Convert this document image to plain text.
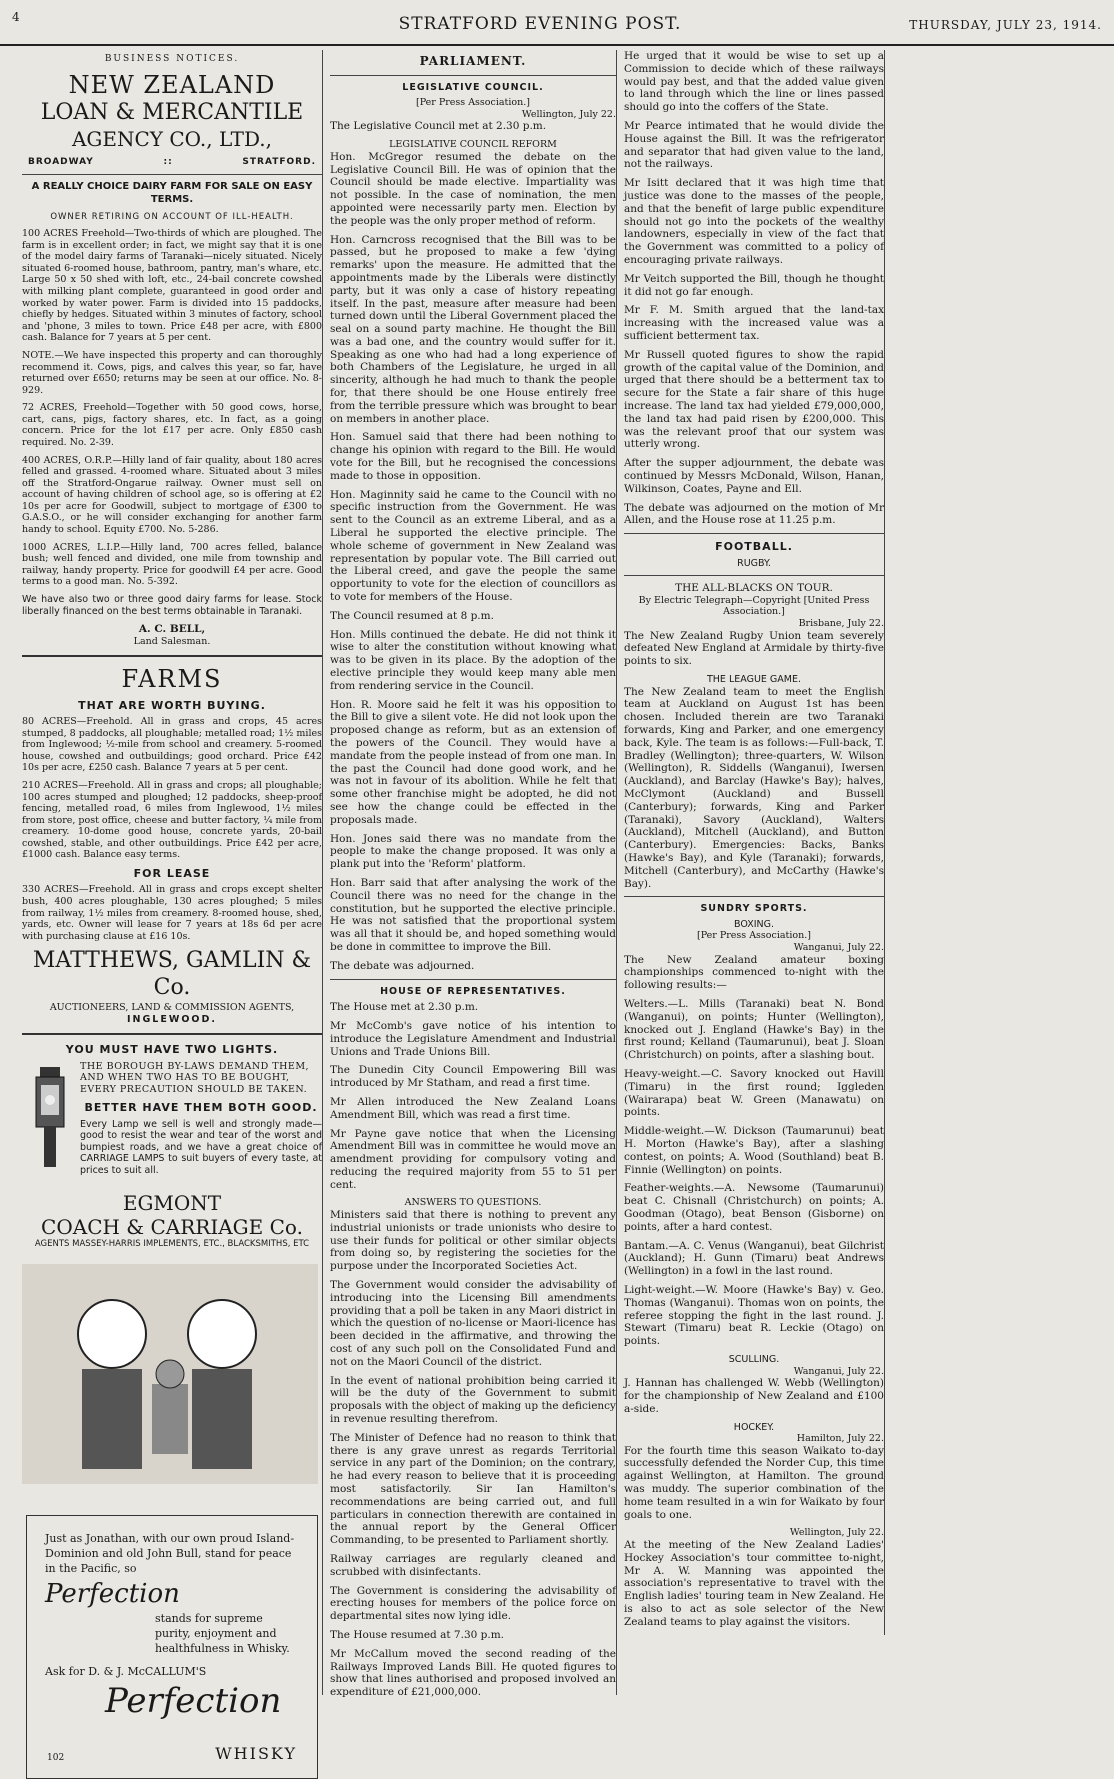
4	STRATFORD EVENING POST.	THURSDAY, JULY 23, 1914.
BUSINESS NOTICES.
NEW ZEALAND
LOAN & MERCANTILE
AGENCY CO., LTD.,
BROADWAY	::	STRATFORD.
A REALLY CHOICE DAIRY FARM FOR SALE ON EASY TERMS.
OWNER RETIRING ON ACCOUNT OF ILL-HEALTH.

100 ACRES Freehold—Two-thirds of which are ploughed. The farm is in excellent order; in fact, we might say that it is one of the model dairy farms of Taranaki—nicely situated. Nicely situated 6-roomed house, bathroom, pantry, man's whare, etc. Large 50 x 50 shed with loft, etc., 24-bail concrete cowshed with milking plant complete, guaranteed in good order and worked by water power. Farm is divided into 15 paddocks, chiefly by hedges. Situated within 3 minutes of factory, school and 'phone, 3 miles to town. Price £48 per acre, with £800 cash. Balance for 7 years at 5 per cent.

NOTE.—We have inspected this property and can thoroughly recommend it. Cows, pigs, and calves this year, so far, have returned over £650; returns may be seen at our office. No. 8-929.

72 ACRES, Freehold—Together with 50 good cows, horse, cart, cans, pigs, factory shares, etc. In fact, as a going concern. Price for the lot £17 per acre. Only £850 cash required. No. 2-39.

400 ACRES, O.R.P.—Hilly land of fair quality, about 180 acres felled and grassed. 4-roomed whare. Situated about 3 miles off the Stratford-Ongarue railway. Owner must sell on account of having children of school age, so is offering at £2 10s per acre for Goodwill, subject to mortgage of £300 to G.A.S.O., or he will consider exchanging for another farm handy to school. Equity £700. No. 5-286.

1000 ACRES, L.I.P.—Hilly land, 700 acres felled, balance bush; well fenced and divided, one mile from township and railway, handy property. Price for goodwill £4 per acre. Good terms to a good man. No. 5-392.

We have also two or three good dairy farms for lease. Stock liberally financed on the best terms obtainable in Taranaki.

A. C. BELL,
Land Salesman.
FARMS
THAT ARE WORTH BUYING.

80 ACRES—Freehold. All in grass and crops, 45 acres stumped, 8 paddocks, all ploughable; metalled road; 1½ miles from Inglewood; ½-mile from school and creamery. 5-roomed house, cowshed and outbuildings; good orchard. Price £42 10s per acre, £250 cash. Balance 7 years at 5 per cent.

210 ACRES—Freehold. All in grass and crops; all ploughable; 100 acres stumped and ploughed; 12 paddocks, sheep-proof fencing, metalled road, 6 miles from Inglewood, 1½ miles from store, post office, cheese and butter factory, ¼ mile from creamery. 10-dome good house, concrete yards, 20-bail cowshed, stable, and other outbuildings. Price £42 per acre, £1000 cash. Balance easy terms.

FOR LEASE

330 ACRES—Freehold. All in grass and crops except shelter bush, 400 acres ploughable, 130 acres ploughed; 5 miles from railway, 1½ miles from creamery. 8-roomed house, shed, yards, etc. Owner will lease for 7 years at 18s 6d per acre with purchasing clause at £16 10s.

MATTHEWS, GAMLIN & Co.
AUCTIONEERS, LAND & COMMISSION AGENTS,
INGLEWOOD.
YOU MUST HAVE TWO LIGHTS.

THE BOROUGH BY-LAWS DEMAND THEM, AND WHEN TWO HAS TO BE BOUGHT, EVERY PRECAUTION SHOULD BE TAKEN.

BETTER HAVE THEM BOTH GOOD.

Every Lamp we sell is well and strongly made—good to resist the wear and tear of the worst and bumpiest roads, and we have a great choice of CARRIAGE LAMPS to suit buyers of every taste, at prices to suit all.

EGMONT
COACH & CARRIAGE Co.
AGENTS MASSEY-HARRIS IMPLEMENTS, ETC., BLACKSMITHS, ETC
Just as Jonathan, with our own proud Island-Dominion and old John Bull, stand for peace in the Pacific, so
Perfection
stands for supreme purity, enjoyment and healthfulness in Whisky.
Ask for D. & J. McCALLUM'S
Perfection
102	WHISKY
PARLIAMENT.
LEGISLATIVE COUNCIL.
[Per Press Association.]
Wellington, July 22.

The Legislative Council met at 2.30 p.m.

LEGISLATIVE COUNCIL REFORM

Hon. McGregor resumed the debate on the Legislative Council Bill. He was of opinion that the Council should be made elective. Impartiality was not possible. In the case of nomination, the men appointed were necessarily party men. Election by the people was the only proper method of reform.

Hon. Carncross recognised that the Bill was to be passed, but he proposed to make a few 'dying remarks' upon the measure. He admitted that the appointments made by the Liberals were distinctly party, but it was only a case of history repeating itself. In the past, measure after measure had been turned down until the Liberal Government placed the seal on a sound party machine. He thought the Bill was a bad one, and the country would suffer for it. Speaking as one who had had a long experience of both Chambers of the Legislature, he urged in all sincerity, although he had much to thank the people for, that there should be one House entirely free from the terrible pressure which was brought to bear on members in another place.

Hon. Samuel said that there had been nothing to change his opinion with regard to the Bill. He would vote for the Bill, but he recognised the concessions made to those in opposition.

Hon. Maginnity said he came to the Council with no specific instruction from the Government. He was sent to the Council as an extreme Liberal, and as a Liberal he supported the elective principle. The whole scheme of government in New Zealand was representation by popular vote. The Bill carried out the Liberal creed, and gave the people the same opportunity to vote for the election of councillors as to vote for members of the House.

The Council resumed at 8 p.m.

Hon. Mills continued the debate. He did not think it wise to alter the constitution without knowing what was to be given in its place. By the adoption of the elective principle they would keep many able men from rendering service in the Council.

Hon. R. Moore said he felt it was his opposition to the Bill to give a silent vote. He did not look upon the proposed change as reform, but as an extension of the powers of the Council. They would have a mandate from the people instead of from one man. In the past the Council had done good work, and he was not in favour of its abolition. While he felt that some other franchise might be adopted, he did not see how the change could be effected in the proposals made.

Hon. Jones said there was no mandate from the people to make the change proposed. It was only a plank put into the 'Reform' platform.

Hon. Barr said that after analysing the work of the Council there was no need for the change in the constitution, but he supported the elective principle. He was not satisfied that the proportional system was all that it should be, and hoped something would be done in committee to improve the Bill.

The debate was adjourned.

HOUSE OF REPRESENTATIVES.

The House met at 2.30 p.m.

Mr McComb's gave notice of his intention to introduce the Legislature Amendment and Industrial Unions and Trade Unions Bill.

The Dunedin City Council Empowering Bill was introduced by Mr Statham, and read a first time.

Mr Allen introduced the New Zealand Loans Amendment Bill, which was read a first time.

Mr Payne gave notice that when the Licensing Amendment Bill was in committee he would move an amendment providing for compulsory voting and reducing the required majority from 55 to 51 per cent.

ANSWERS TO QUESTIONS.

Ministers said that there is nothing to prevent any industrial unionists or trade unionists who desire to use their funds for political or other similar objects from doing so, by registering the societies for the purpose under the Incorporated Societies Act.

The Government would consider the advisability of introducing into the Licensing Bill amendments providing that a poll be taken in any Maori district in which the question of no-license or Maori-licence has been decided in the affirmative, and throwing the cost of any such poll on the Consolidated Fund and not on the Maori Council of the district.

In the event of national prohibition being carried it will be the duty of the Government to submit proposals with the object of making up the deficiency in revenue resulting therefrom.

The Minister of Defence had no reason to think that there is any grave unrest as regards Territorial service in any part of the Dominion; on the contrary, he had every reason to believe that it is proceeding most satisfactorily. Sir Ian Hamilton's recommendations are being carried out, and full particulars in connection therewith are contained in the annual report by the General Officer Commanding, to be presented to Parliament shortly.

Railway carriages are regularly cleaned and scrubbed with disinfectants.

The Government is considering the advisability of erecting houses for members of the police force on departmental sites now lying idle.

The House resumed at 7.30 p.m.

Mr McCallum moved the second reading of the Railways Improved Lands Bill. He quoted figures to show that lines authorised and proposed involved an expenditure of £21,000,000.

He urged that it would be wise to set up a Commission to decide which of these railways would pay best, and that the added value given to land through which the line or lines passed should go into the coffers of the State.

Mr Pearce intimated that he would divide the House against the Bill. It was the refrigerator and separator that had given value to the land, not the railways.

Mr Isitt declared that it was high time that justice was done to the masses of the people, and that the benefit of large public expenditure should not go into the pockets of the wealthy landowners, especially in view of the fact that the Government was committed to a policy of encouraging private railways.

Mr Veitch supported the Bill, though he thought it did not go far enough.

Mr F. M. Smith argued that the land-tax increasing with the increased value was a sufficient betterment tax.

Mr Russell quoted figures to show the rapid growth of the capital value of the Dominion, and urged that there should be a betterment tax to secure for the State a fair share of this huge increase. The land tax had yielded £79,000,000, the land tax had paid risen by £200,000. This was the relevant proof that our system was utterly wrong.

After the supper adjournment, the debate was continued by Messrs McDonald, Wilson, Hanan, Wilkinson, Coates, Payne and Ell.

The debate was adjourned on the motion of Mr Allen, and the House rose at 11.25 p.m.

FOOTBALL.
RUGBY.
THE ALL-BLACKS ON TOUR.
By Electric Telegraph—Copyright [United Press Association.]
Brisbane, July 22.

The New Zealand Rugby Union team severely defeated New England at Armidale by thirty-five points to six.

THE LEAGUE GAME.

The New Zealand team to meet the English team at Auckland on August 1st has been chosen. Included therein are two Taranaki forwards, King and Parker, and one emergency back, Kyle. The team is as follows:—Full-back, T. Bradley (Wellington); three-quarters, W. Wilson (Wellington), R. Siddells (Wanganui), Iwersen (Auckland), and Barclay (Hawke's Bay); halves, McClymont (Auckland) and Bussell (Canterbury); forwards, King and Parker (Taranaki), Savory (Auckland), Walters (Auckland), Mitchell (Auckland), and Button (Canterbury). Emergencies: Backs, Banks (Hawke's Bay), and Kyle (Taranaki); forwards, Mitchell (Canterbury), and McCarthy (Hawke's Bay).

SUNDRY SPORTS.
BOXING.
[Per Press Association.]
Wanganui, July 22.

The New Zealand amateur boxing championships commenced to-night with the following results:—

Welters.—L. Mills (Taranaki) beat N. Bond (Wanganui), on points; Hunter (Wellington), knocked out J. England (Hawke's Bay) in the first round; Kelland (Taumarunui), beat J. Sloan (Christchurch) on points, after a slashing bout.

Heavy-weight.—C. Savory knocked out Havill (Timaru) in the first round; Iggleden (Wairarapa) beat W. Green (Manawatu) on points.

Middle-weight.—W. Dickson (Taumarunui) beat H. Morton (Hawke's Bay), after a slashing contest, on points; A. Wood (Southland) beat B. Finnie (Wellington) on points.

Feather-weights.—A. Newsome (Taumarunui) beat C. Chisnall (Christchurch) on points; A. Goodman (Otago), beat Benson (Gisborne) on points, after a hard contest.

Bantam.—A. C. Venus (Wanganui), beat Gilchrist (Auckland); H. Gunn (Timaru) beat Andrews (Wellington) in a fowl in the last round.

Light-weight.—W. Moore (Hawke's Bay) v. Geo. Thomas (Wanganui). Thomas won on points, the referee stopping the fight in the last round. J. Stewart (Timaru) beat R. Leckie (Otago) on points.

SCULLING.
Wanganui, July 22.

J. Hannan has challenged W. Webb (Wellington) for the championship of New Zealand and £100 a-side.

HOCKEY.
Hamilton, July 22.

For the fourth time this season Waikato to-day successfully defended the Norder Cup, this time against Wellington, at Hamilton. The ground was muddy. The superior combination of the home team resulted in a win for Waikato by four goals to one.

Wellington, July 22.

At the meeting of the New Zealand Ladies' Hockey Association's tour committee to-night, Mr A. W. Manning was appointed the association's representative to travel with the English ladies' touring team in New Zealand. He is also to act as sole selector of the New Zealand teams to play against the visitors.
